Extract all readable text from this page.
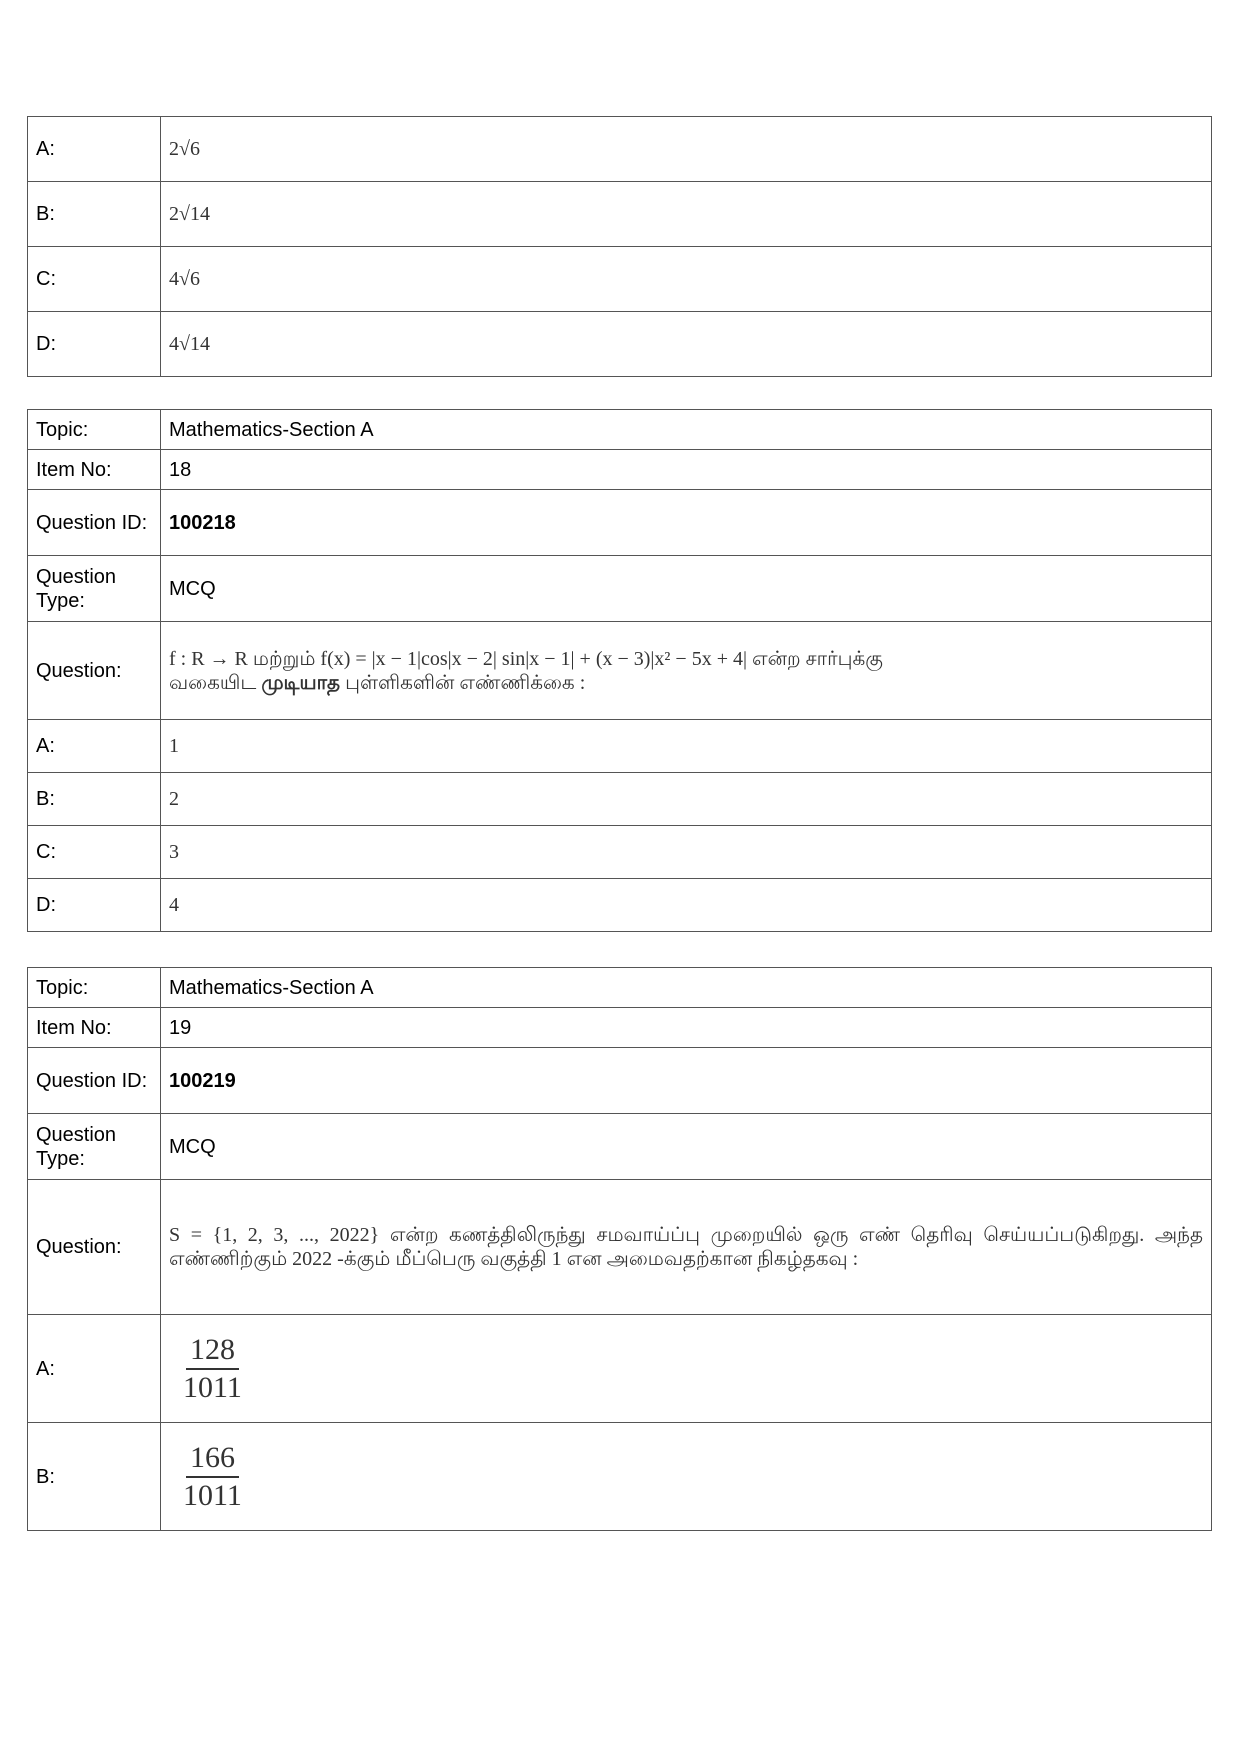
A:	2√6
B:	2√14
C:	4√6
D:	4√14
Topic:	Mathematics-Section A
Item No:	18
Question ID:	100218
Question Type:	MCQ
Question:	f : R → R மற்றும் f(x) = |x − 1|cos|x − 2| sin|x − 1| + (x − 3)|x² − 5x + 4| என்ற சார்புக்கு
வகையிட முடியாத புள்ளிகளின் எண்ணிக்கை :

A:	1
B:	2
C:	3
D:	4
Topic:	Mathematics-Section A
Item No:	19
Question ID:	100219
Question Type:	MCQ
Question:	S = {1, 2, 3, ..., 2022} என்ற கணத்திலிருந்து சமவாய்ப்பு முறையில் ஒரு எண் தெரிவு செய்யப்படுகிறது. அந்த எண்ணிற்கும் 2022 -க்கும் மீப்பெரு வகுத்தி 1 என அமைவதற்கான நிகழ்தகவு :
A:	$\frac{128}{1011}$

B:	$\frac{166}{1011}$
